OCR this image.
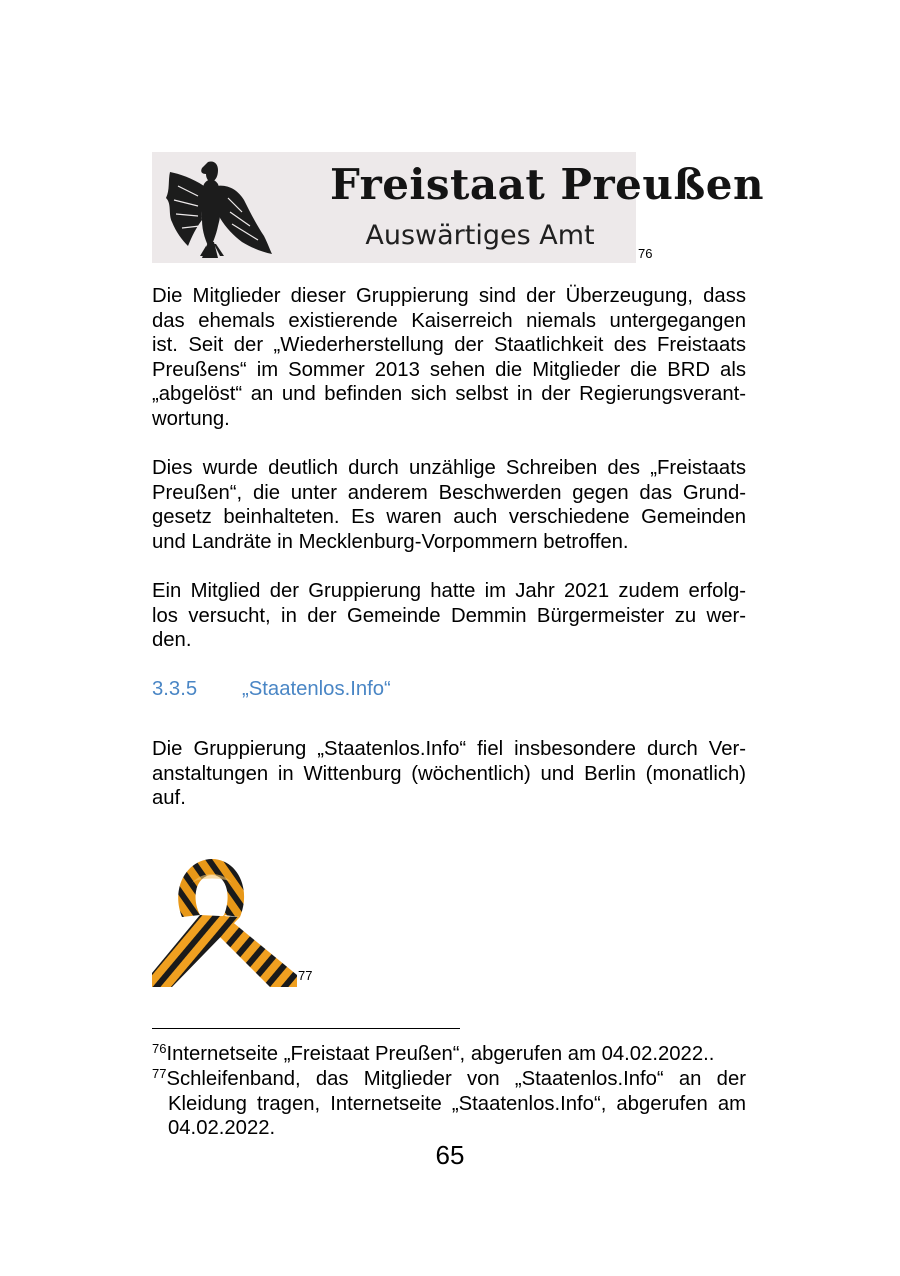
Freistaat Preußen
Auswärtiges Amt
76
Die Mitglieder dieser Gruppierung sind der Überzeugung, dass
das ehemals existierende Kaiserreich niemals untergegangen
ist. Seit der „Wiederherstellung der Staatlichkeit des Freistaats
Preußens“ im Sommer 2013 sehen die Mitglieder die BRD als
„abgelöst“ an und befinden sich selbst in der Regierungsverant-
wortung.
Dies wurde deutlich durch unzählige Schreiben des „Freistaats
Preußen“, die unter anderem Beschwerden gegen das Grund-
gesetz beinhalteten. Es waren auch verschiedene Gemeinden
und Landräte in Mecklenburg-Vorpommern betroffen.
Ein Mitglied der Gruppierung hatte im Jahr 2021 zudem erfolg-
los versucht, in der Gemeinde Demmin Bürgermeister zu wer-
den.
3.3.5 „Staatenlos.Info“
Die Gruppierung „Staatenlos.Info“ fiel insbesondere durch Ver-
anstaltungen in Wittenburg (wöchentlich) und Berlin (monatlich)
auf.
77
$^{76}$Internetseite „Freistaat Preußen“, abgerufen am 04.02.2022..
$^{77}$Schleifenband, das Mitglieder von „Staatenlos.Info“ an der
Kleidung tragen, Internetseite „Staatenlos.Info“, abgerufen am
04.02.2022.
65
